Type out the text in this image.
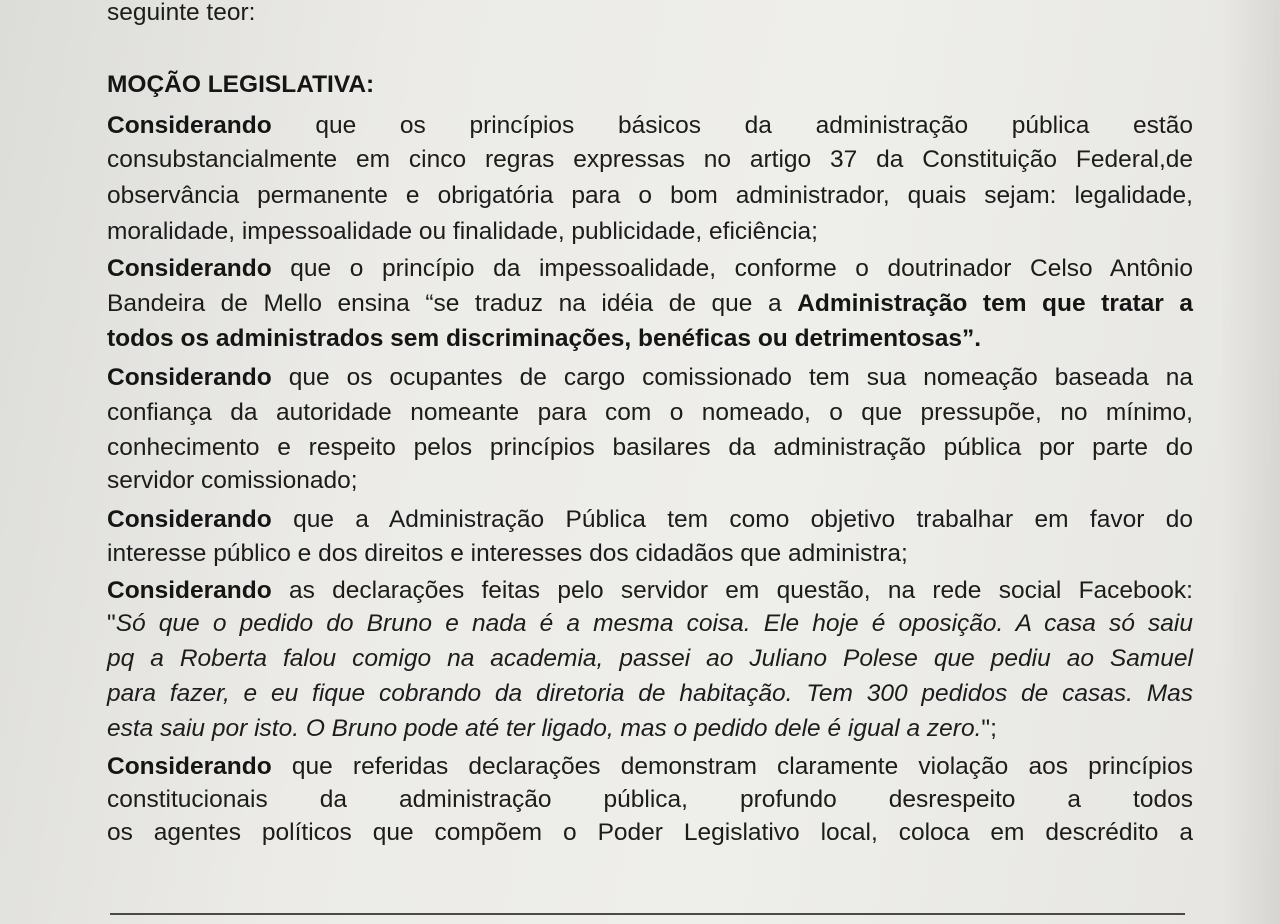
seguinte teor:
MOÇÃO LEGISLATIVA:
Considerando que os princípios básicos da administração pública estão
consubstancialmente em cinco regras expressas no artigo 37 da Constituição Federal,de
observância permanente e obrigatória para o bom administrador, quais sejam: legalidade,
moralidade, impessoalidade ou finalidade, publicidade, eficiência;
Considerando que o princípio da impessoalidade, conforme o doutrinador Celso Antônio
Bandeira de Mello ensina “se traduz na idéia de que a Administração tem que tratar a
todos os administrados sem discriminações, benéficas ou detrimentosas”.
Considerando que os ocupantes de cargo comissionado tem sua nomeação baseada na
confiança da autoridade nomeante para com o nomeado, o que pressupõe, no mínimo,
conhecimento e respeito pelos princípios basilares da administração pública por parte do
servidor comissionado;
Considerando que a Administração Pública tem como objetivo trabalhar em favor do
interesse público e dos direitos e interesses dos cidadãos que administra;
Considerando as declarações feitas pelo servidor em questão, na rede social Facebook:
"Só que o pedido do Bruno e nada é a mesma coisa. Ele hoje é oposição. A casa só saiu
pq a Roberta falou comigo na academia, passei ao Juliano Polese que pediu ao Samuel
para fazer, e eu fique cobrando da diretoria de habitação. Tem 300 pedidos de casas. Mas
esta saiu por isto. O Bruno pode até ter ligado, mas o pedido dele é igual a zero.";
Considerando que referidas declarações demonstram claramente violação aos princípios
constitucionais da administração pública, profundo desrespeito a todos
os agentes políticos que compõem o Poder Legislativo local, coloca em descrédito a
